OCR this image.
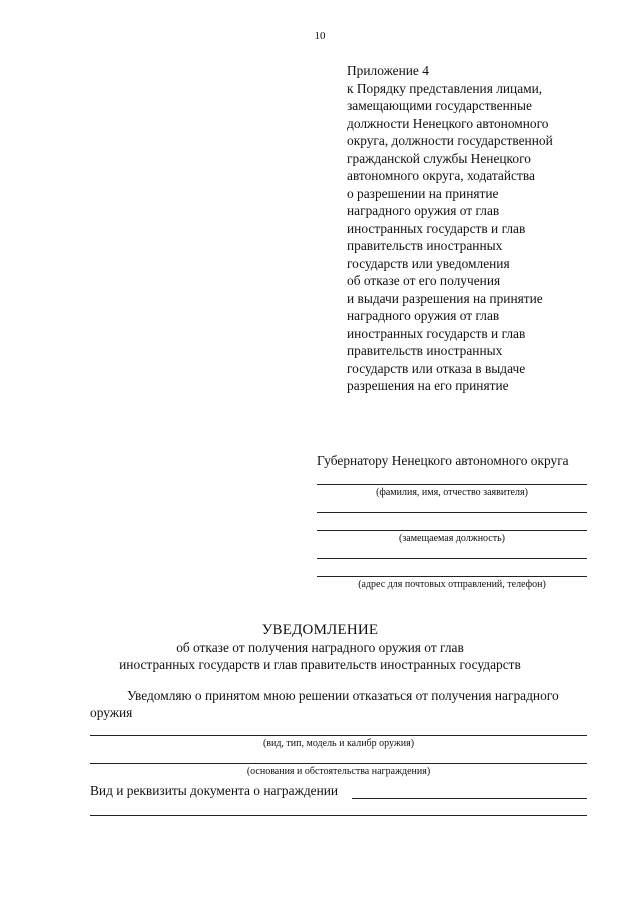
10
Приложение 4
к Порядку представления лицами,
замещающими государственные
должности Ненецкого автономного
округа, должности государственной
гражданской службы Ненецкого
автономного округа, ходатайства
о разрешении на принятие
наградного оружия от глав
иностранных государств и глав
правительств иностранных
государств или уведомления
об отказе от его получения
и выдачи разрешения на принятие
наградного оружия от глав
иностранных государств и глав
правительств иностранных
государств или отказа в выдаче
разрешения на его принятие
Губернатору Ненецкого автономного округа
(фамилия, имя, отчество заявителя)
(замещаемая должность)
(адрес для почтовых отправлений, телефон)
УВЕДОМЛЕНИЕ
об отказе от получения наградного оружия от глав
иностранных государств и глав правительств иностранных государств
Уведомляю о принятом мною решении отказаться от получения наградного
оружия
(вид, тип, модель и калибр оружия)
(основания и обстоятельства награждения)
Вид и реквизиты документа о награждении
